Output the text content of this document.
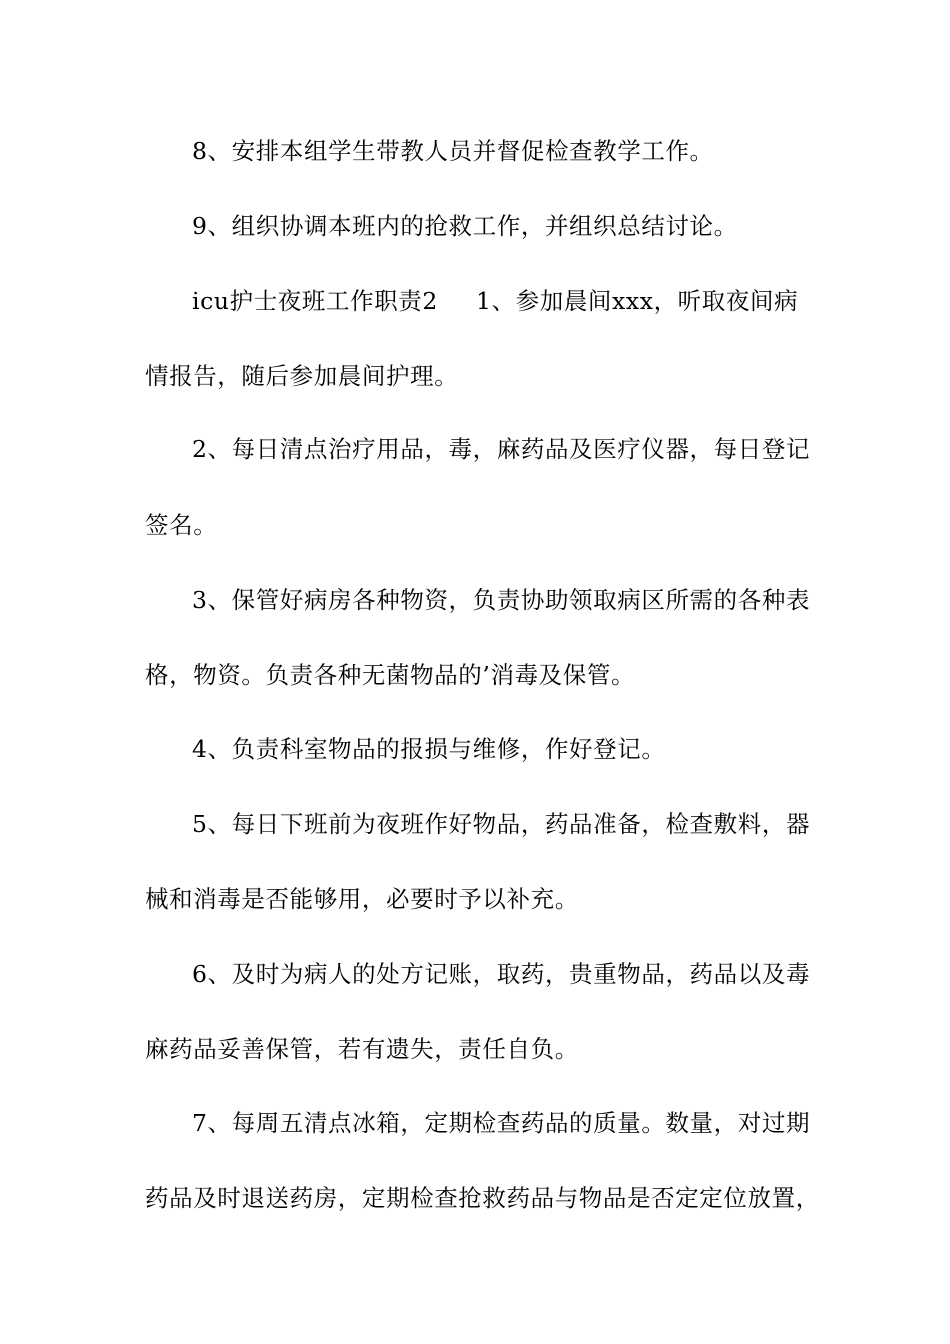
8、安排本组学生带教人员并督促检查教学工作。
9、组织协调本班内的抢救工作，并组织总结讨论。
icu护士夜班工作职责2 1、参加晨间xxx，听取夜间病
情报告，随后参加晨间护理。
2、每日清点治疗用品，毒，麻药品及医疗仪器，每日登记
签名。
3、保管好病房各种物资，负责协助领取病区所需的各种表
格，物资。负责各种无菌物品的’消毒及保管。
4、负责科室物品的报损与维修，作好登记。
5、每日下班前为夜班作好物品，药品准备，检查敷料，器
械和消毒是否能够用，必要时予以补充。
6、及时为病人的处方记账，取药，贵重物品，药品以及毒
麻药品妥善保管，若有遗失，责任自负。
7、每周五清点冰箱，定期检查药品的质量。数量，对过期
药品及时退送药房，定期检查抢救药品与物品是否定定位放置，
